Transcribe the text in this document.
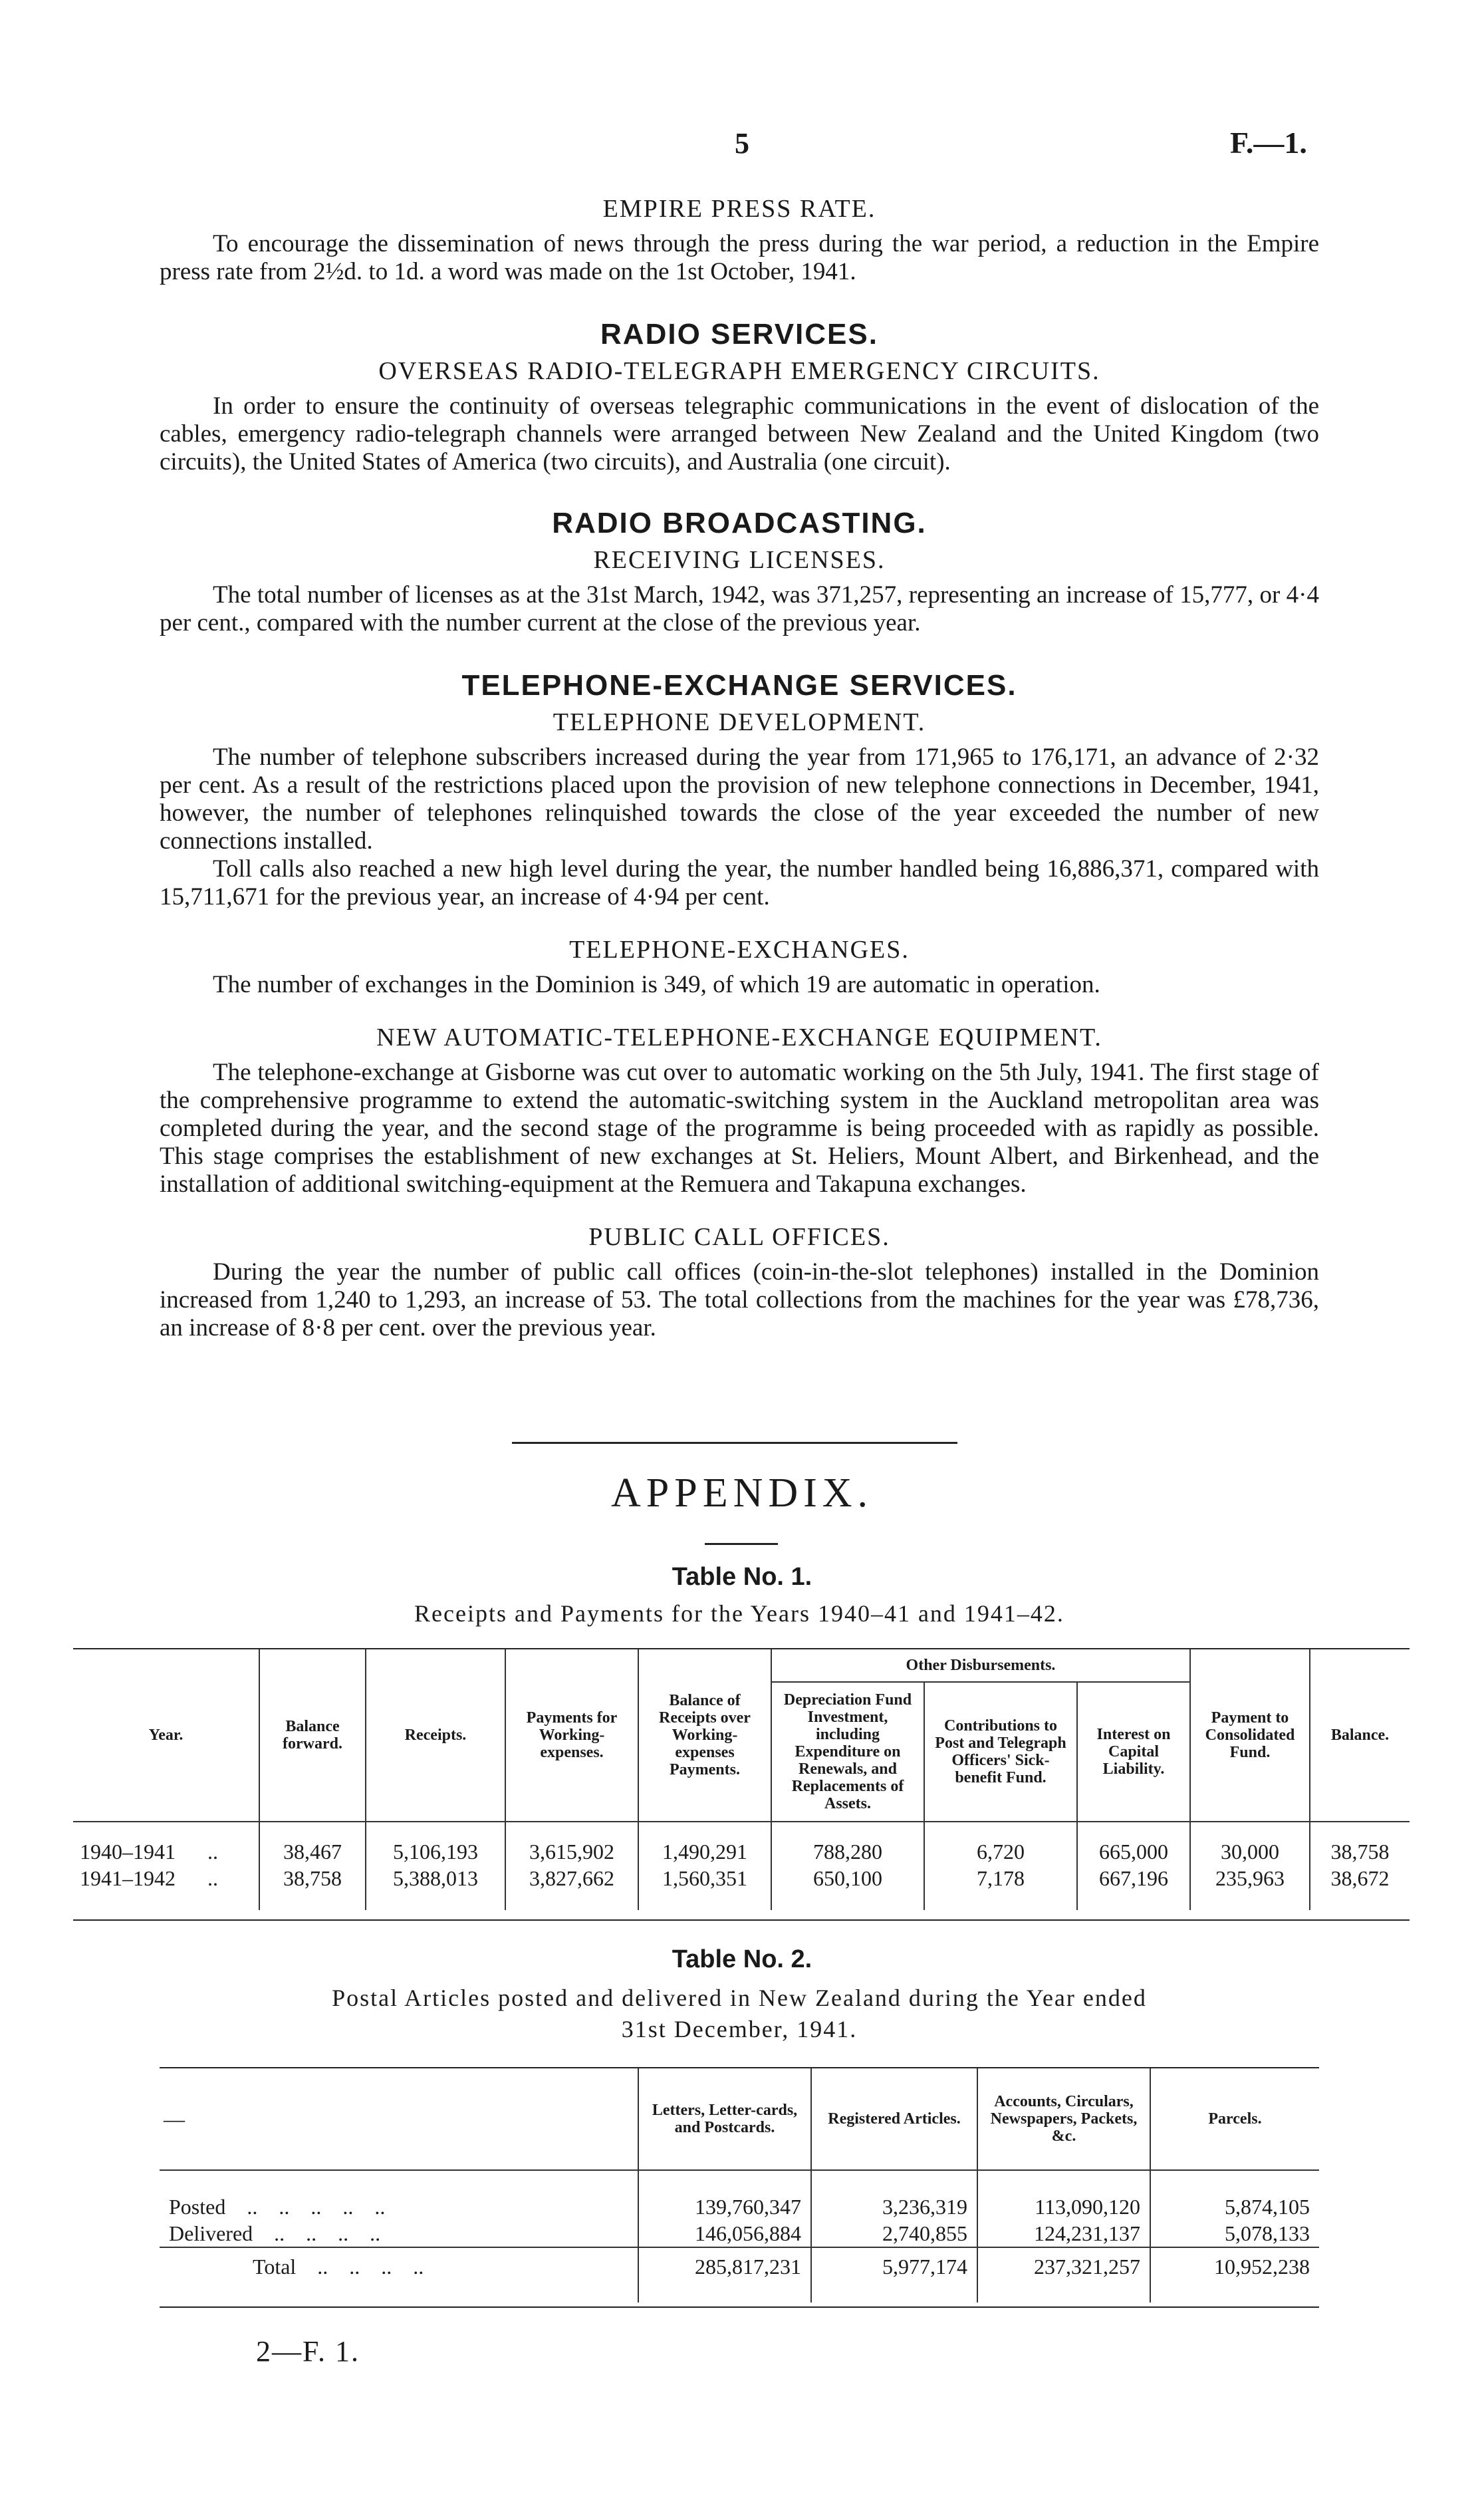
5	F.—1.

EMPIRE PRESS RATE.

To encourage the dissemination of news through the press during the war period, a reduction in the Empire press rate from 2½d. to 1d. a word was made on the 1st October, 1941.

RADIO SERVICES.

OVERSEAS RADIO-TELEGRAPH EMERGENCY CIRCUITS.

In order to ensure the continuity of overseas telegraphic communications in the event of dislocation of the cables, emergency radio-telegraph channels were arranged between New Zealand and the United Kingdom (two circuits), the United States of America (two circuits), and Australia (one circuit).

RADIO BROADCASTING.

RECEIVING LICENSES.

The total number of licenses as at the 31st March, 1942, was 371,257, representing an increase of 15,777, or 4·4 per cent., compared with the number current at the close of the previous year.

TELEPHONE-EXCHANGE SERVICES.

TELEPHONE DEVELOPMENT.

The number of telephone subscribers increased during the year from 171,965 to 176,171, an advance of 2·32 per cent. As a result of the restrictions placed upon the provision of new telephone connections in December, 1941, however, the number of telephones relinquished towards the close of the year exceeded the number of new connections installed.

Toll calls also reached a new high level during the year, the number handled being 16,886,371, compared with 15,711,671 for the previous year, an increase of 4·94 per cent.

TELEPHONE-EXCHANGES.

The number of exchanges in the Dominion is 349, of which 19 are automatic in operation.

NEW AUTOMATIC-TELEPHONE-EXCHANGE EQUIPMENT.

The telephone-exchange at Gisborne was cut over to automatic working on the 5th July, 1941. The first stage of the comprehensive programme to extend the automatic-switching system in the Auckland metropolitan area was completed during the year, and the second stage of the programme is being proceeded with as rapidly as possible. This stage comprises the establishment of new exchanges at St. Heliers, Mount Albert, and Birkenhead, and the installation of additional switching-equipment at the Remuera and Takapuna exchanges.

PUBLIC CALL OFFICES.

During the year the number of public call offices (coin-in-the-slot telephones) installed in the Dominion increased from 1,240 to 1,293, an increase of 53. The total collections from the machines for the year was £78,736, an increase of 8·8 per cent. over the previous year.

APPENDIX.
Table No. 1.
Receipts and Payments for the Years 1940–41 and 1941–42.
Year.	Balance forward.	Receipts.	Payments for Working-expenses.	Balance of Receipts over Working-expenses Payments.	Other Disbursements.			Payment to Consolidated Fund.	Balance.
					Depreciation Fund Investment, including Expenditure on Renewals, and Replacements of Assets.	Contributions to Post and Telegraph Officers' Sick-benefit Fund.	Interest on Capital Liability.		

1940–1941 ..	38,467	5,106,193	3,615,902	1,490,291	788,280	6,720	665,000	30,000	38,758
1941–1942 ..	38,758	5,388,013	3,827,662	1,560,351	650,100	7,178	667,196	235,963	38,672

Table No. 2.
Postal Articles posted and delivered in New Zealand during the Year ended
31st December, 1941.
—	Letters, Letter-cards, and Postcards.	Registered Articles.	Accounts, Circulars, Newspapers, Packets, &c.	Parcels.

Posted ..    ..    ..    ..    ..	139,760,347	3,236,319	113,090,120	5,874,105
Delivered ..    ..    ..    ..	146,056,884	2,740,855	124,231,137	5,078,133
Total ..    ..    ..    ..	285,817,231	5,977,174	237,321,257	10,952,238

2—F. 1.
